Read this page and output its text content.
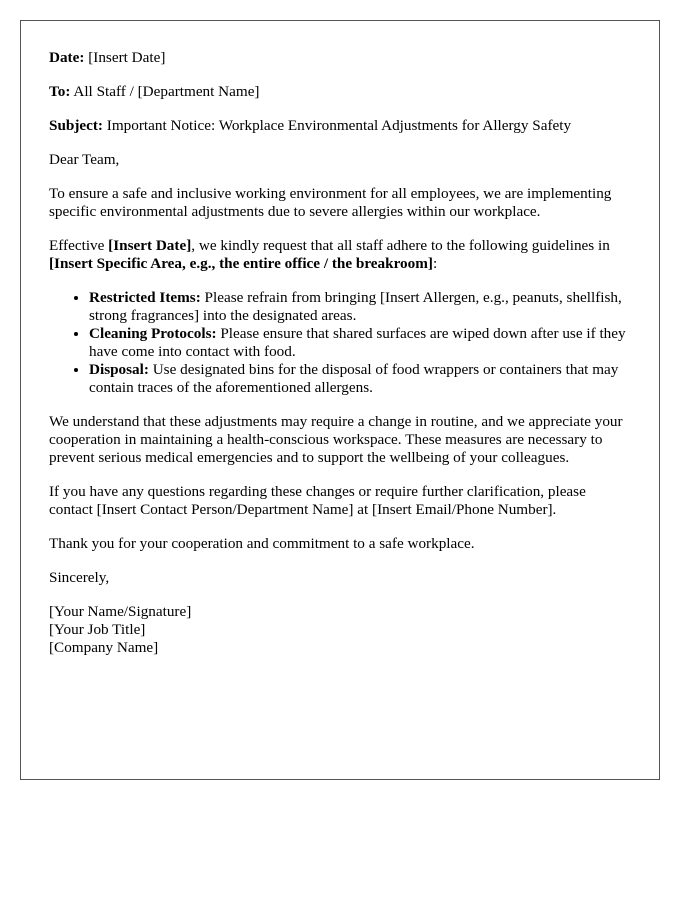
Date: [Insert Date]

To: All Staff / [Department Name]

Subject: Important Notice: Workplace Environmental Adjustments for Allergy Safety

Dear Team,

To ensure a safe and inclusive working environment for all employees, we are implementing specific environmental adjustments due to severe allergies within our workplace.

Effective [Insert Date], we kindly request that all staff adhere to the following guidelines in [Insert Specific Area, e.g., the entire office / the breakroom]:

• Restricted Items: Please refrain from bringing [Insert Allergen, e.g., peanuts, shellfish, strong fragrances] into the designated areas.
• Cleaning Protocols: Please ensure that shared surfaces are wiped down after use if they have come into contact with food.
• Disposal: Use designated bins for the disposal of food wrappers or containers that may contain traces of the aforementioned allergens.

We understand that these adjustments may require a change in routine, and we appreciate your cooperation in maintaining a health-conscious workspace. These measures are necessary to prevent serious medical emergencies and to support the wellbeing of your colleagues.

If you have any questions regarding these changes or require further clarification, please contact [Insert Contact Person/Department Name] at [Insert Email/Phone Number].

Thank you for your cooperation and commitment to a safe workplace.

Sincerely,

[Your Name/Signature]
[Your Job Title]
[Company Name]
